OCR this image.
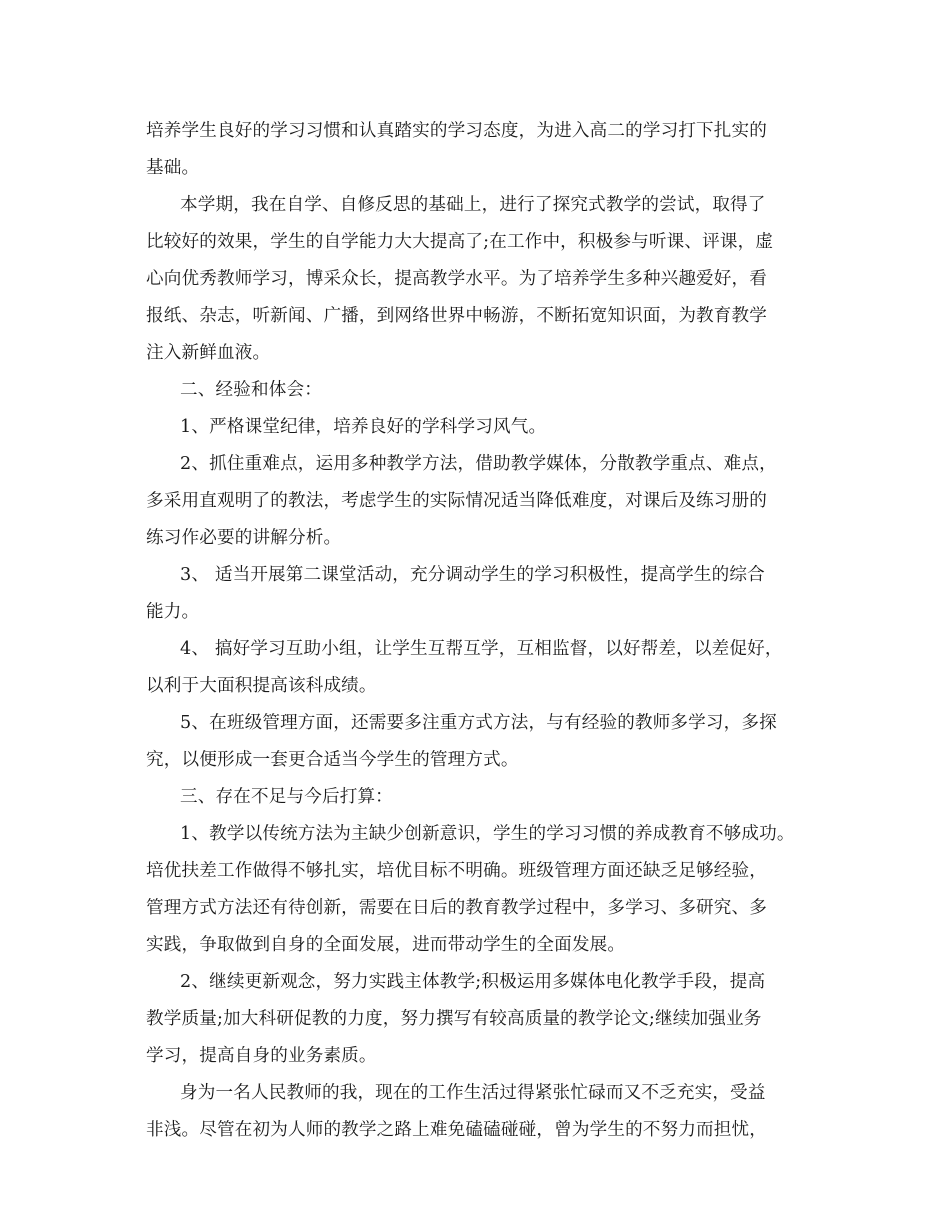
培养学生良好的学习习惯和认真踏实的学习态度，为进入高二的学习打下扎实的
基础。
本学期，我在自学、自修反思的基础上，进行了探究式教学的尝试，取得了
比较好的效果，学生的自学能力大大提高了;在工作中，积极参与听课、评课，虚
心向优秀教师学习，博采众长，提高教学水平。为了培养学生多种兴趣爱好，看
报纸、杂志，听新闻、广播，到网络世界中畅游，不断拓宽知识面，为教育教学
注入新鲜血液。
二、经验和体会：
1、严格课堂纪律，培养良好的学科学习风气。
2、抓住重难点，运用多种教学方法，借助教学媒体，分散教学重点、难点，
多采用直观明了的教法，考虑学生的实际情况适当降低难度，对课后及练习册的
练习作必要的讲解分析。
3、 适当开展第二课堂活动，充分调动学生的学习积极性，提高学生的综合
能力。
4、 搞好学习互助小组，让学生互帮互学，互相监督，以好帮差，以差促好，
以利于大面积提高该科成绩。
5、在班级管理方面，还需要多注重方式方法，与有经验的教师多学习，多探
究，以便形成一套更合适当今学生的管理方式。
三、存在不足与今后打算：
1、教学以传统方法为主缺少创新意识，学生的学习习惯的养成教育不够成功。
培优扶差工作做得不够扎实，培优目标不明确。班级管理方面还缺乏足够经验，
管理方式方法还有待创新，需要在日后的教育教学过程中，多学习、多研究、多
实践，争取做到自身的全面发展，进而带动学生的全面发展。
2、继续更新观念，努力实践主体教学;积极运用多媒体电化教学手段，提高
教学质量;加大科研促教的力度，努力撰写有较高质量的教学论文;继续加强业务
学习，提高自身的业务素质。
身为一名人民教师的我，现在的工作生活过得紧张忙碌而又不乏充实，受益
非浅。尽管在初为人师的教学之路上难免磕磕碰碰，曾为学生的不努力而担忧，
